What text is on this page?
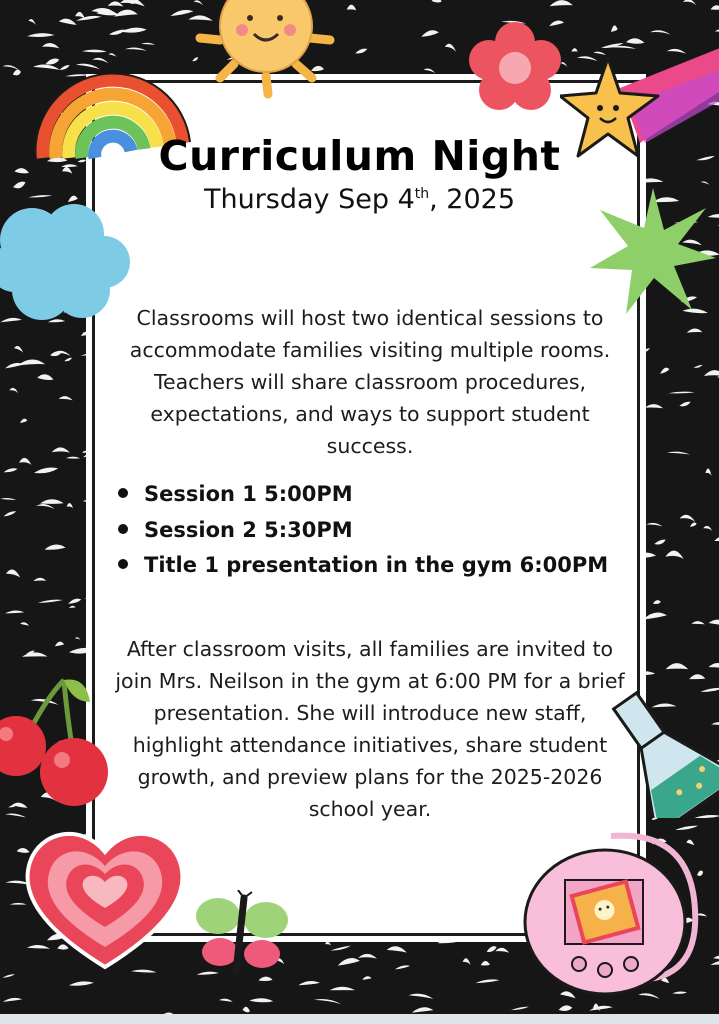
Curriculum Night
Thursday Sep 4th, 2025
Classrooms will host two identical sessions to accommodate families visiting multiple rooms. Teachers will share classroom procedures, expectations, and ways to support student success.
Session 1 5:00PM
Session 2 5:30PM
Title 1 presentation in the gym 6:00PM
After classroom visits, all families are invited to join Mrs. Neilson in the gym at 6:00 PM for a brief presentation. She will introduce new staff, highlight attendance initiatives, share student growth, and preview plans for the 2025-2026 school year.
